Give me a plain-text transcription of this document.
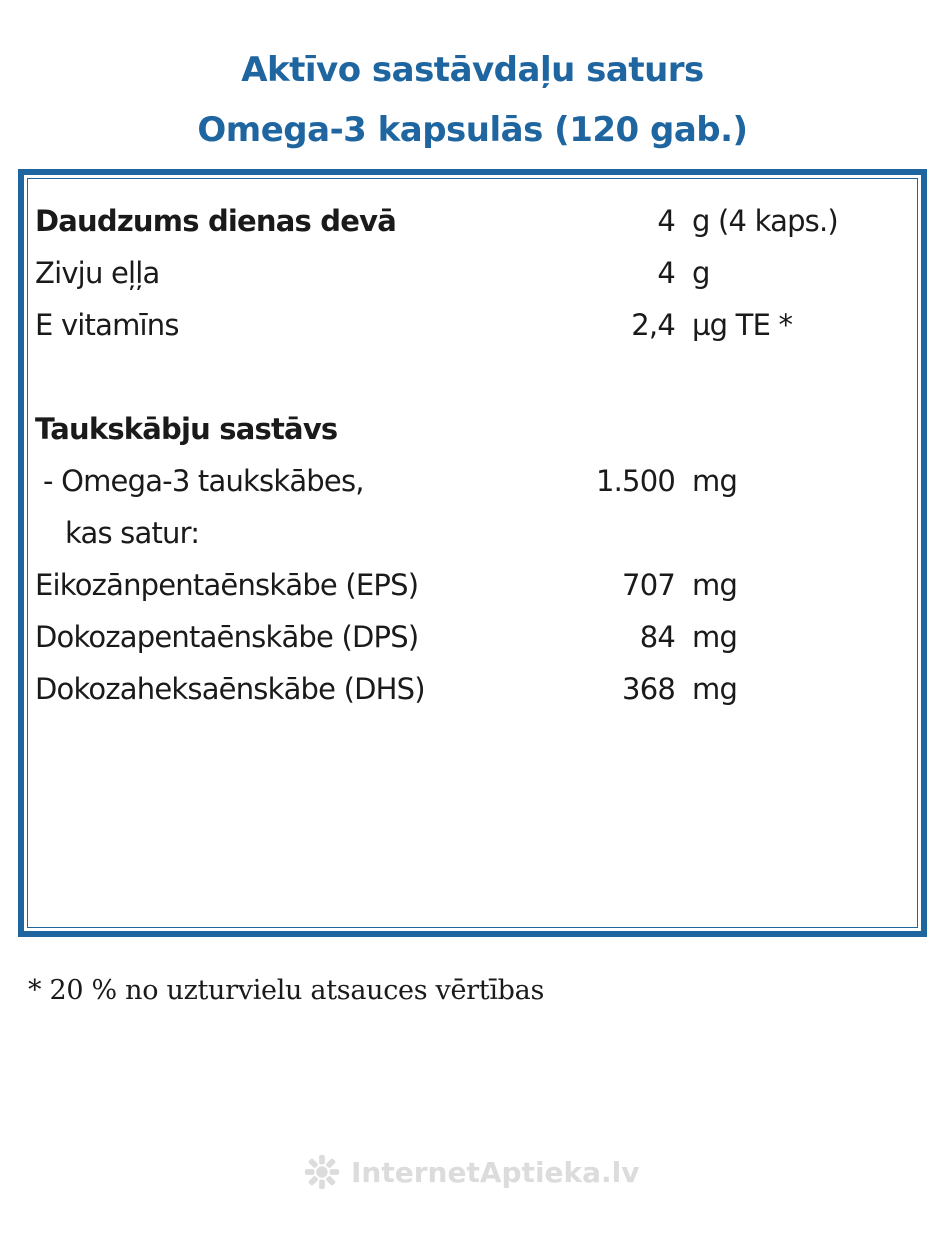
Aktīvo sastāvdaļu saturs
Omega-3 kapsulās (120 gab.)
Daudzums dienas devā	4 g (4 kaps.)
Zivju eļļa	4 g
E vitamīns	2,4 µg TE *
Taukskābju sastāvs
- Omega-3 taukskābes,	1.500 mg
kas satur:
Eikozānpentaēnskābe (EPS)	707 mg
Dokozapentaēnskābe (DPS)	84 mg
Dokozaheksaēnskābe (DHS)	368 mg
* 20 % no uzturvielu atsauces vērtības
InternetAptieka.lv
